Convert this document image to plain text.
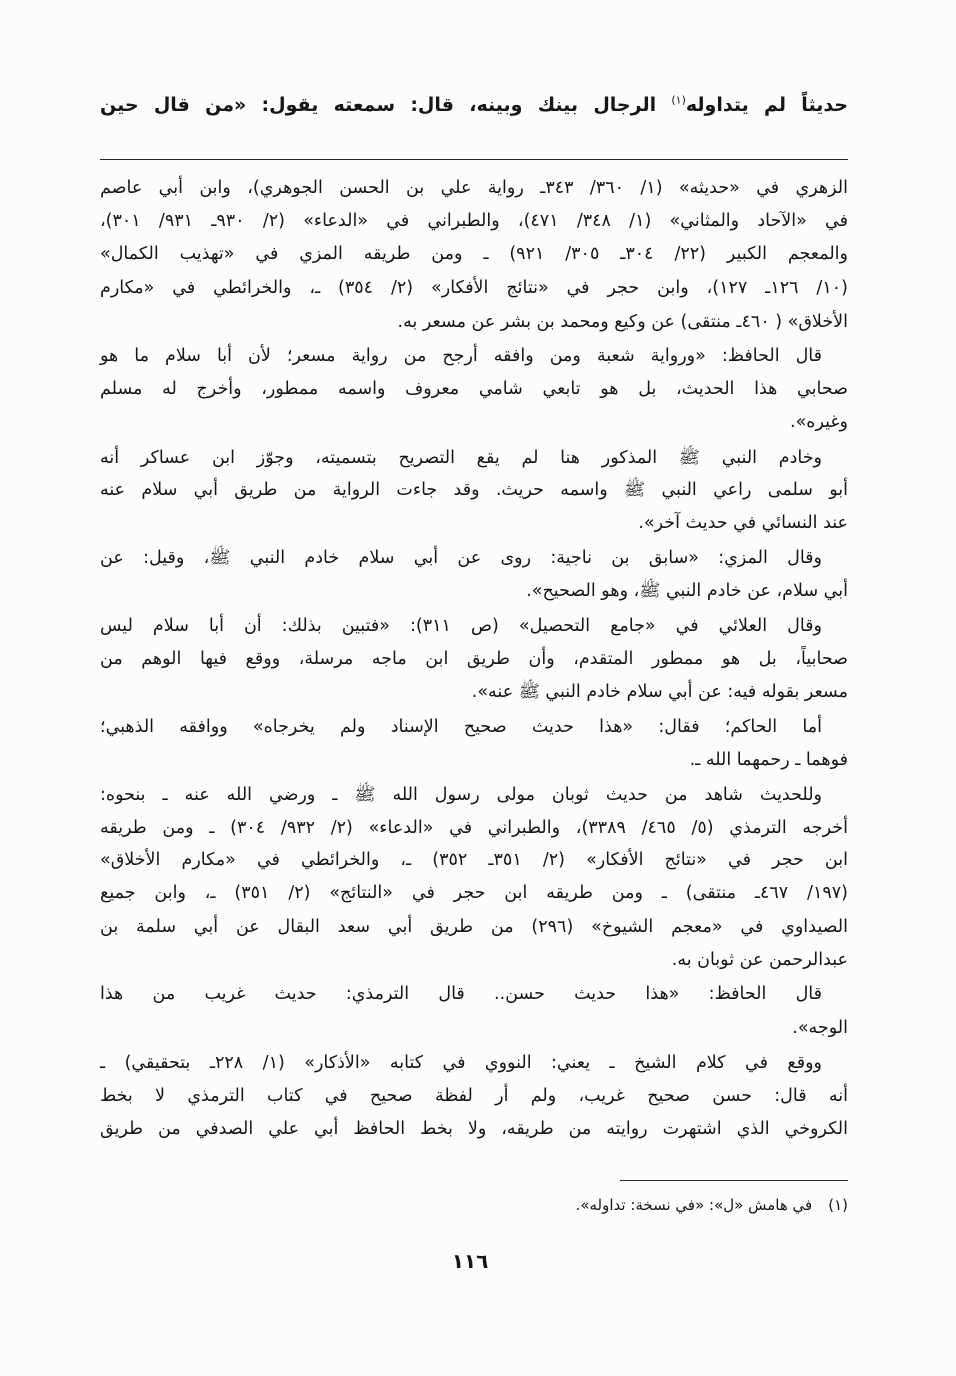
حديثاً لم يتداوله$^{(١)}$ الرجال بينك وبينه، قال: سمعته يقول: «من قال حين
الزهري في «حديثه» (١/ ٣٦٠/ ٣٤٣ـ رواية علي بن الحسن الجوهري)، وابن أبي عاصم
في «الآحاد والمثاني» (١/ ٣٤٨/ ٤٧١)، والطبراني في «الدعاء» (٢/ ٩٣٠ـ ٩٣١/ ٣٠١)،
والمعجم الكبير (٢٢/ ٣٠٤ـ ٣٠٥/ ٩٢١) ـ ومن طريقه المزي في «تهذيب الكمال»
(١٠/ ١٢٦ـ ١٢٧)، وابن حجر في «نتائج الأفكار» (٢/ ٣٥٤) ـ، والخرائطي في «مكارم
الأخلاق» ( ٤٦٠ـ منتقى) عن وكيع ومحمد بن بشر عن مسعر به.
قال الحافظ: «ورواية شعبة ومن وافقه أرجح من رواية مسعر؛ لأن أبا سلام ما هو
صحابي هذا الحديث، بل هو تابعي شامي معروف واسمه ممطور، وأخرج له مسلم
وغيره».
وخادم النبي ﷺ المذكور هنا لم يقع التصريح بتسميته، وجوّز ابن عساكر أنه
أبو سلمى راعي النبي ﷺ واسمه حريث. وقد جاءت الرواية من طريق أبي سلام عنه
عند النسائي في حديث آخر».
وقال المزي: «سابق بن ناجية: روى عن أبي سلام خادم النبي ﷺ، وقيل: عن
أبي سلام، عن خادم النبي ﷺ، وهو الصحيح».
وقال العلائي في «جامع التحصيل» (ص ٣١١): «فتبين بذلك: أن أبا سلام ليس
صحابياً، بل هو ممطور المتقدم، وأن طريق ابن ماجه مرسلة، ووقع فيها الوهم من
مسعر بقوله فيه: عن أبي سلام خادم النبي ﷺ عنه».
أما الحاكم؛ فقال: «هذا حديث صحيح الإسناد ولم يخرجاه» ووافقه الذهبي؛
فوهما ـ رحمهما الله ـ.
وللحديث شاهد من حديث ثوبان مولى رسول الله ﷺ ـ ورضي الله عنه ـ بنحوه:
أخرجه الترمذي (٥/ ٤٦٥/ ٣٣٨٩)، والطبراني في «الدعاء» (٢/ ٩٣٢/ ٣٠٤) ـ ومن طريقه
ابن حجر في «نتائج الأفكار» (٢/ ٣٥١ـ ٣٥٢) ـ، والخرائطي في «مكارم الأخلاق»
(١٩٧/ ٤٦٧ـ منتقى) ـ ومن طريقه ابن حجر في «النتائج» (٢/ ٣٥١) ـ، وابن جميع
الصيداوي في «معجم الشيوخ» (٢٩٦) من طريق أبي سعد البقال عن أبي سلمة بن
عبدالرحمن عن ثوبان به.
قال الحافظ: «هذا حديث حسن.. قال الترمذي: حديث غريب من هذا
الوجه».
ووقع في كلام الشيخ ـ يعني: النووي في كتابه «الأذكار» (١/ ٢٢٨ـ بتحقيقي) ـ
أنه قال: حسن صحيح غريب، ولم أر لفظة صحيح في كتاب الترمذي لا بخط
الكروخي الذي اشتهرت روايته من طريقه، ولا بخط الحافظ أبي علي الصدفي من طريق
(١)في هامش «ل»: «في نسخة: تداوله».
١١٦
